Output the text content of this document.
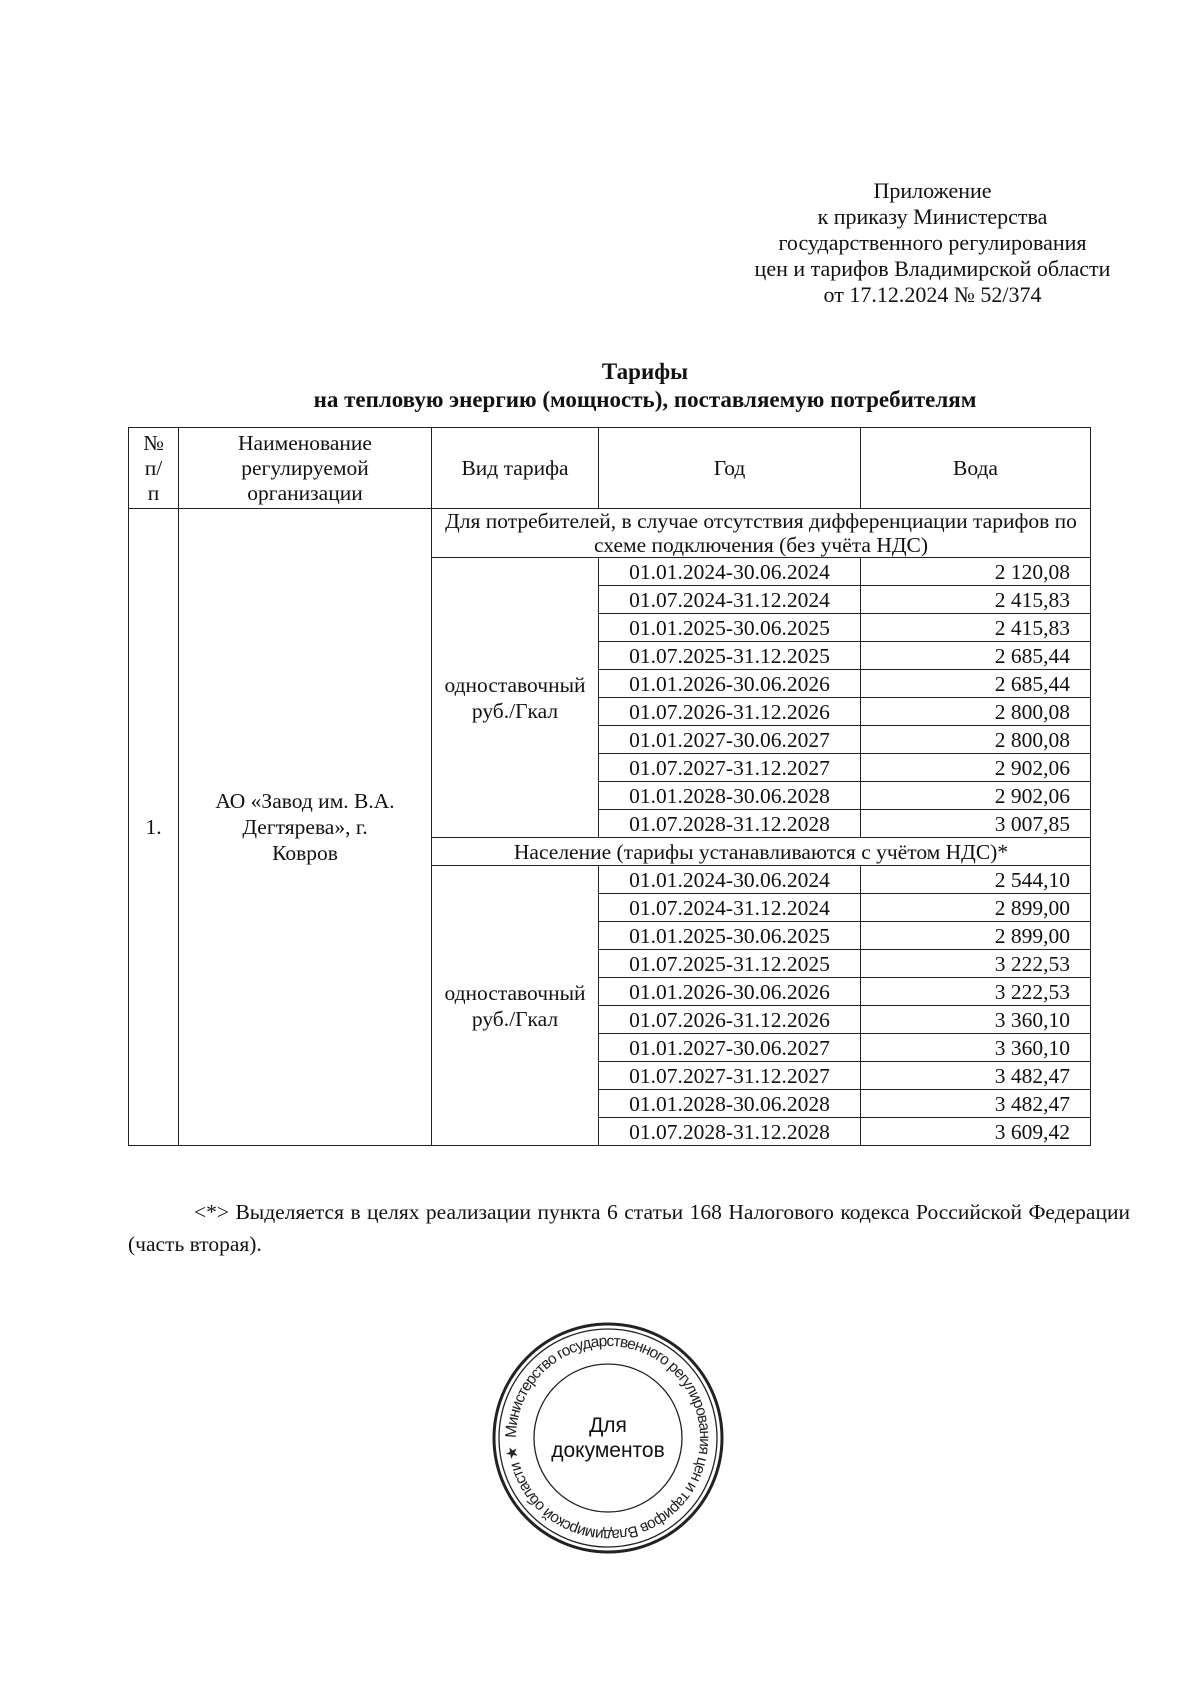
Приложение
к приказу Министерства
государственного регулирования
цен и тарифов Владимирской области
от 17.12.2024 № 52/374
Тарифы
на тепловую энергию (мощность), поставляемую потребителям
№ п/п	Наименование регулируемой организации	Вид тарифа	Год	Вода
1.	АО «Завод им. В.А. Дегтярева», г. Ковров	Для потребителей, в случае отсутствия дифференциации тарифов по схеме подключения (без учёта НДС)		
		одноставочный руб./Гкал	01.01.2024-30.06.2024	2 120,08
			01.07.2024-31.12.2024	2 415,83
			01.01.2025-30.06.2025	2 415,83
			01.07.2025-31.12.2025	2 685,44
			01.01.2026-30.06.2026	2 685,44
			01.07.2026-31.12.2026	2 800,08
			01.01.2027-30.06.2027	2 800,08
			01.07.2027-31.12.2027	2 902,06
			01.01.2028-30.06.2028	2 902,06
			01.07.2028-31.12.2028	3 007,85
		Население (тарифы устанавливаются с учётом НДС)*		
		одноставочный руб./Гкал	01.01.2024-30.06.2024	2 544,10
			01.07.2024-31.12.2024	2 899,00
			01.01.2025-30.06.2025	2 899,00
			01.07.2025-31.12.2025	3 222,53
			01.01.2026-30.06.2026	3 222,53
			01.07.2026-31.12.2026	3 360,10
			01.01.2027-30.06.2027	3 360,10
			01.07.2027-31.12.2027	3 482,47
			01.01.2028-30.06.2028	3 482,47
			01.07.2028-31.12.2028	3 609,42
<*> Выделяется в целях реализации пункта 6 статьи 168 Налогового кодекса Российской Федерации (часть вторая).
Министерство государственного регулирования цен и тарифов Владимирской области ★
Для
документов
